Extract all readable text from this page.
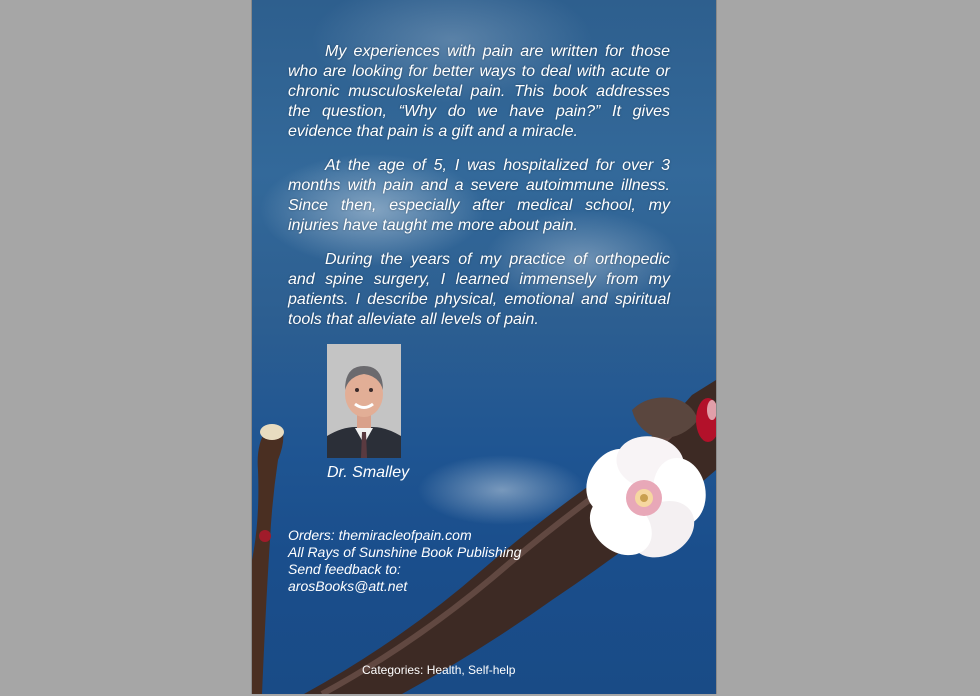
My experiences with pain are written for those who are looking for better ways to deal with acute or chronic musculoskeletal pain. This book addresses the question, “Why do we have pain?” It gives evidence that pain is a gift and a miracle.

At the age of 5, I was hospitalized for over 3 months with pain and a severe autoimmune illness. Since then, especially after medical school, my injuries have taught me more about pain.

During the years of my practice of orthopedic and spine surgery, I learned immensely from my patients. I describe physical, emotional and spiritual tools that alleviate all levels of pain.

Dr. Smalley
Orders: themiracleofpain.com
All Rays of Sunshine Book Publishing
Send feedback to:
arosBooks@att.net
Categories: Health, Self-help
